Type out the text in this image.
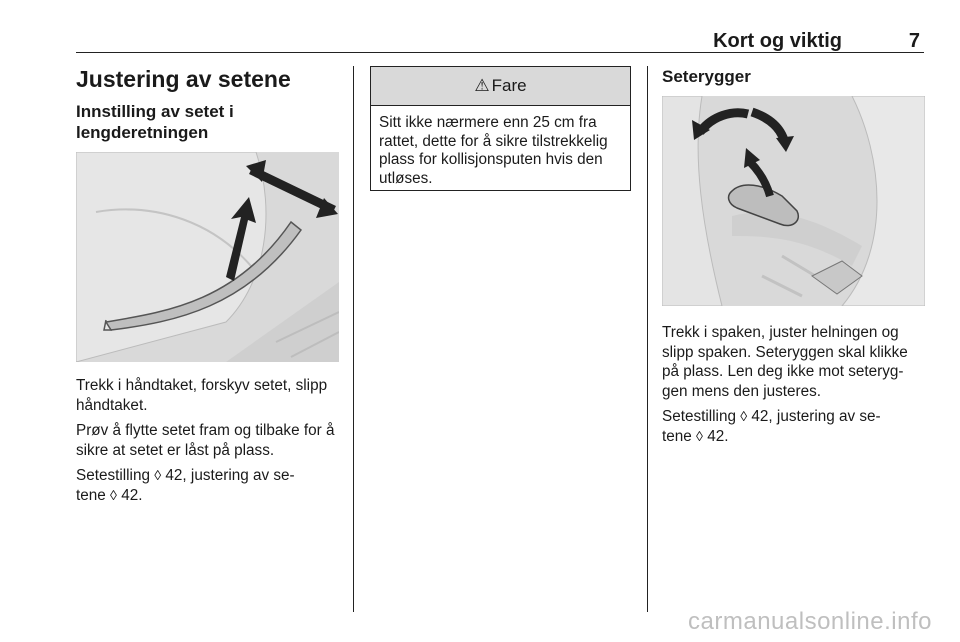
Kort og viktig	7
Justering av setene
Innstilling av setet i lengderetningen

Trekk i håndtaket, forskyv setet, slipp håndtaket.

Prøv å flytte setet fram og tilbake for å sikre at setet er låst på plass.

Setestilling ◊ 42, justering av se-
tene ◊ 42.

⚠ Fare
Sitt ikke nærmere enn 25 cm fra rattet, dette for å sikre tilstrekkelig plass for kollisjonsputen hvis den utløses.
Seterygger

Trekk i spaken, juster helningen og slipp spaken. Seteryggen skal klikke på plass. Len deg ikke mot seteryg-gen mens den justeres.

Setestilling ◊ 42, justering av se-
tene ◊ 42.

carmanualsonline.info
